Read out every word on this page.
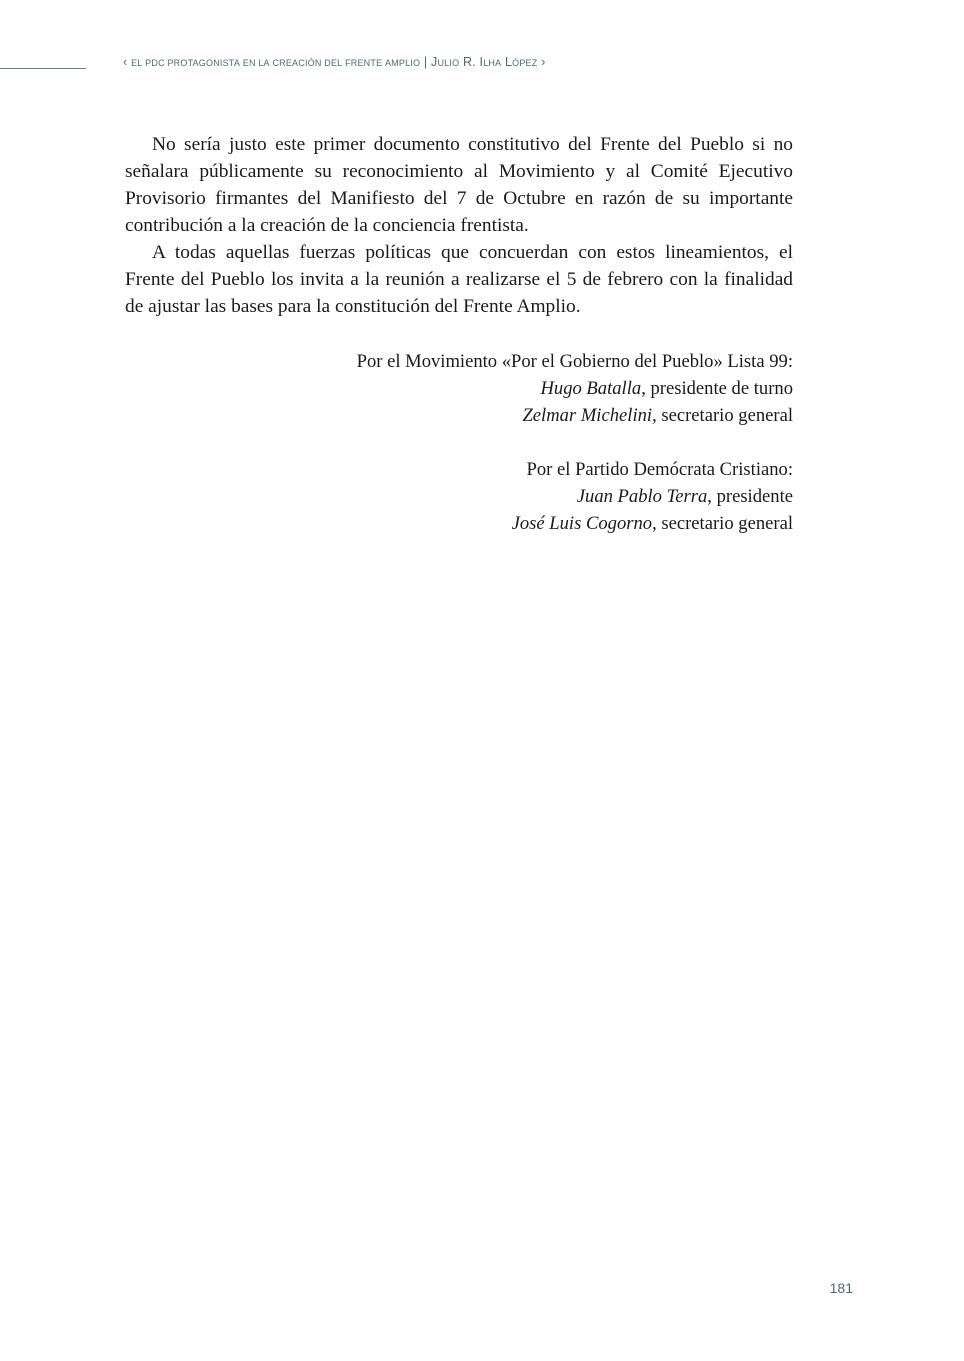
‹ el pdc protagonista en la creación del frente amplio | Julio R. Ilha López ›

No sería justo este primer documento constitutivo del Frente del Pueblo si no señalara públicamente su reconocimiento al Movimiento y al Comité Ejecutivo Provisorio firmantes del Manifiesto del 7 de Octubre en razón de su importante contribución a la creación de la conciencia frentista.

A todas aquellas fuerzas políticas que concuerdan con estos lineamientos, el Frente del Pueblo los invita a la reunión a realizarse el 5 de febrero con la finalidad de ajustar las bases para la constitución del Frente Amplio.

Por el Movimiento «Por el Gobierno del Pueblo» Lista 99:
Hugo Batalla, presidente de turno
Zelmar Michelini, secretario general
Por el Partido Demócrata Cristiano:
Juan Pablo Terra, presidente
José Luis Cogorno, secretario general
181
